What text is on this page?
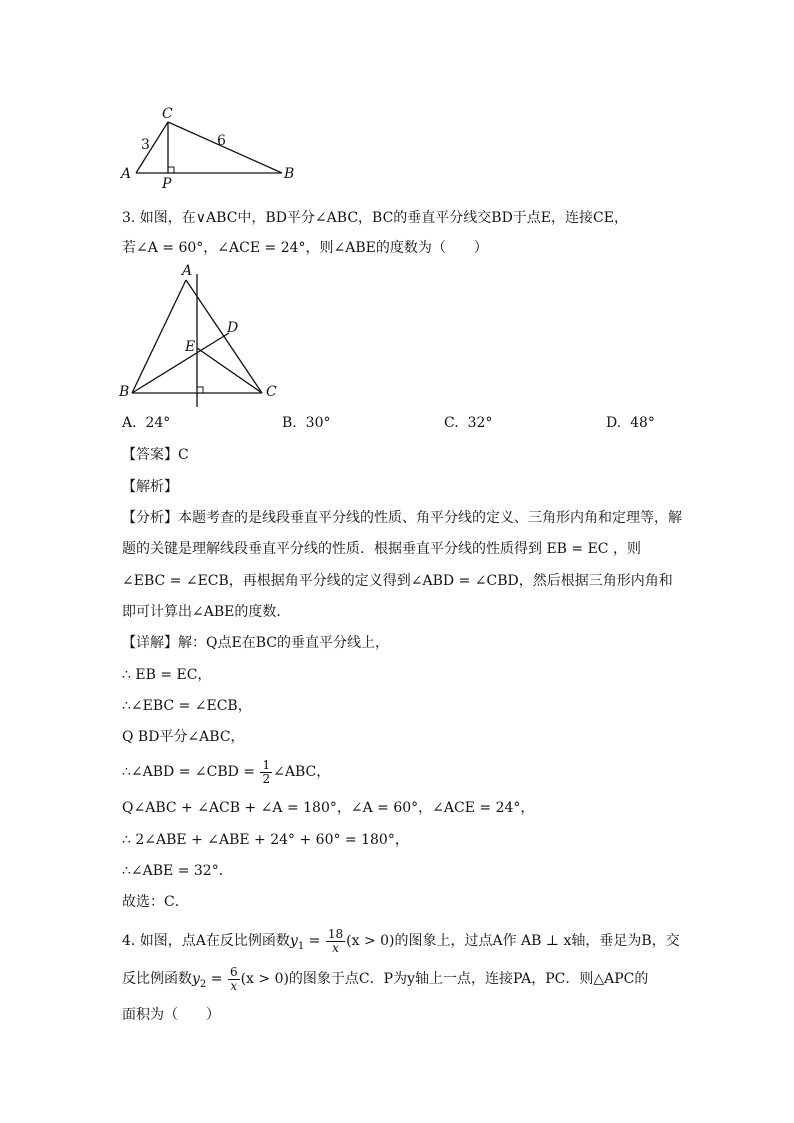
C
A	B
P
3	6
3. 如图，在∨ABC中，BD平分∠ABC，BC的垂直平分线交BD于点E，连接CE，
若∠A = 60°，∠ACE = 24°，则∠ABE的度数为（　　）
A
B	C
D
E
A. 24°	B. 30°	C. 32°	D. 48°
【答案】C
【解析】
【分析】本题考查的是线段垂直平分线的性质、角平分线的定义、三角形内角和定理等，解
题的关键是理解线段垂直平分线的性质．根据垂直平分线的性质得到 EB = EC ，则
∠EBC = ∠ECB，再根据角平分线的定义得到∠ABD = ∠CBD，然后根据三角形内角和
即可计算出∠ABE的度数．
【详解】解：Q点E在BC的垂直平分线上，
∴ EB = EC，
∴∠EBC = ∠ECB，
Q BD平分∠ABC，
∴∠ABD = ∠CBD = $\frac{1}{2}$ ∠ABC，
Q∠ABC + ∠ACB + ∠A = 180°，∠A = 60°，∠ACE = 24°，
∴ 2∠ABE + ∠ABE + 24° + 60° = 180°，
∴∠ABE = 32°．
故选：C．
4. 如图，点A在反比例函数$y_1 = \frac{18}{x} (x > 0)$的图象上，过点A作 AB ⊥ x轴，垂足为B，交
反比例函数$y_2 = \frac{6}{x} (x > 0)$的图象于点C．P为y轴上一点，连接PA，PC．则△APC的
面积为（　　）
